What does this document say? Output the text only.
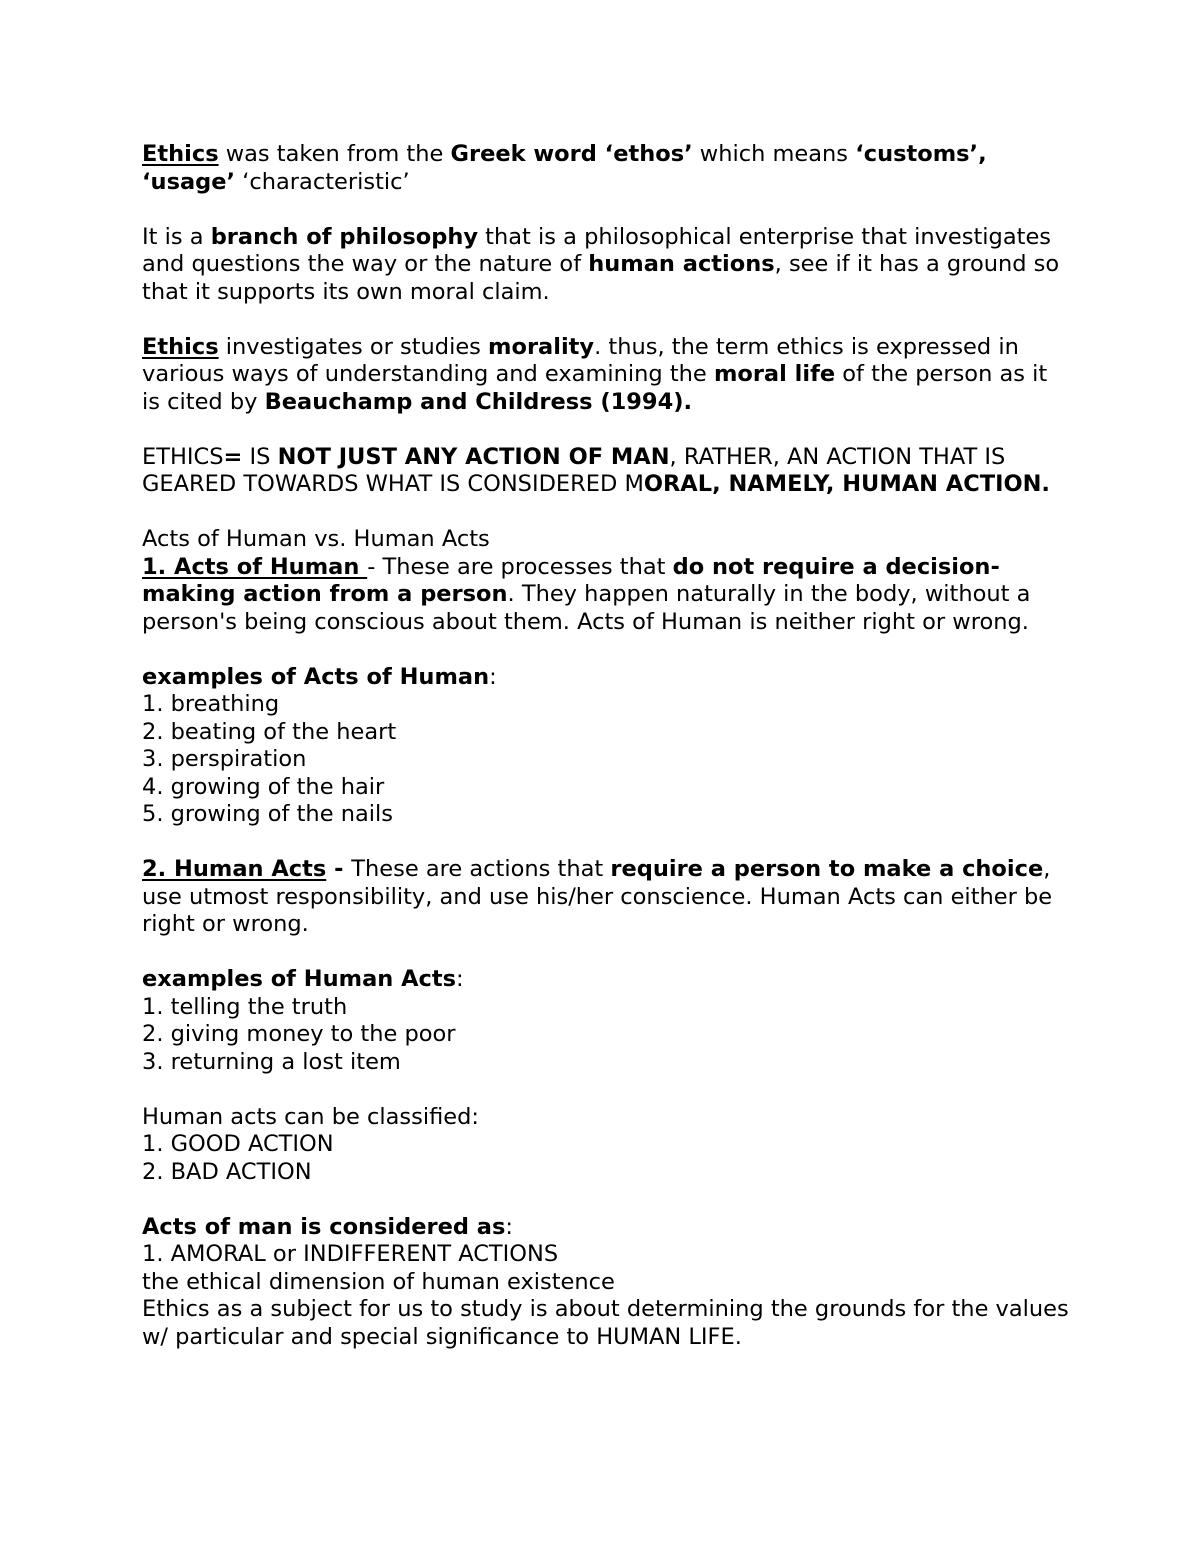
Ethics was taken from the Greek word ‘ethos’ which means ‘customs’, ‘usage’ ‘characteristic’

It is a branch of philosophy that is a philosophical enterprise that investigates and questions the way or the nature of human actions, see if it has a ground so that it supports its own moral claim.

Ethics investigates or studies morality. thus, the term ethics is expressed in various ways of understanding and examining the moral life of the person as it is cited by Beauchamp and Childress (1994).

ETHICS= IS NOT JUST ANY ACTION OF MAN, RATHER, AN ACTION THAT IS GEARED TOWARDS WHAT IS CONSIDERED MORAL, NAMELY, HUMAN ACTION.

Acts of Human vs. Human Acts

1. Acts of Human - These are processes that do not require a decision-making action from a person. They happen naturally in the body, without a person's being conscious about them. Acts of Human is neither right or wrong.

examples of Acts of Human:

1. breathing

2. beating of the heart

3. perspiration

4. growing of the hair

5. growing of the nails

2. Human Acts - These are actions that require a person to make a choice, use utmost responsibility, and use his/her conscience. Human Acts can either be right or wrong.

examples of Human Acts:

1. telling the truth

2. giving money to the poor

3. returning a lost item

Human acts can be classified:

1. GOOD ACTION

2. BAD ACTION

Acts of man is considered as:

1. AMORAL or INDIFFERENT ACTIONS

the ethical dimension of human existence

Ethics as a subject for us to study is about determining the grounds for the values w/ particular and special significance to HUMAN LIFE.
